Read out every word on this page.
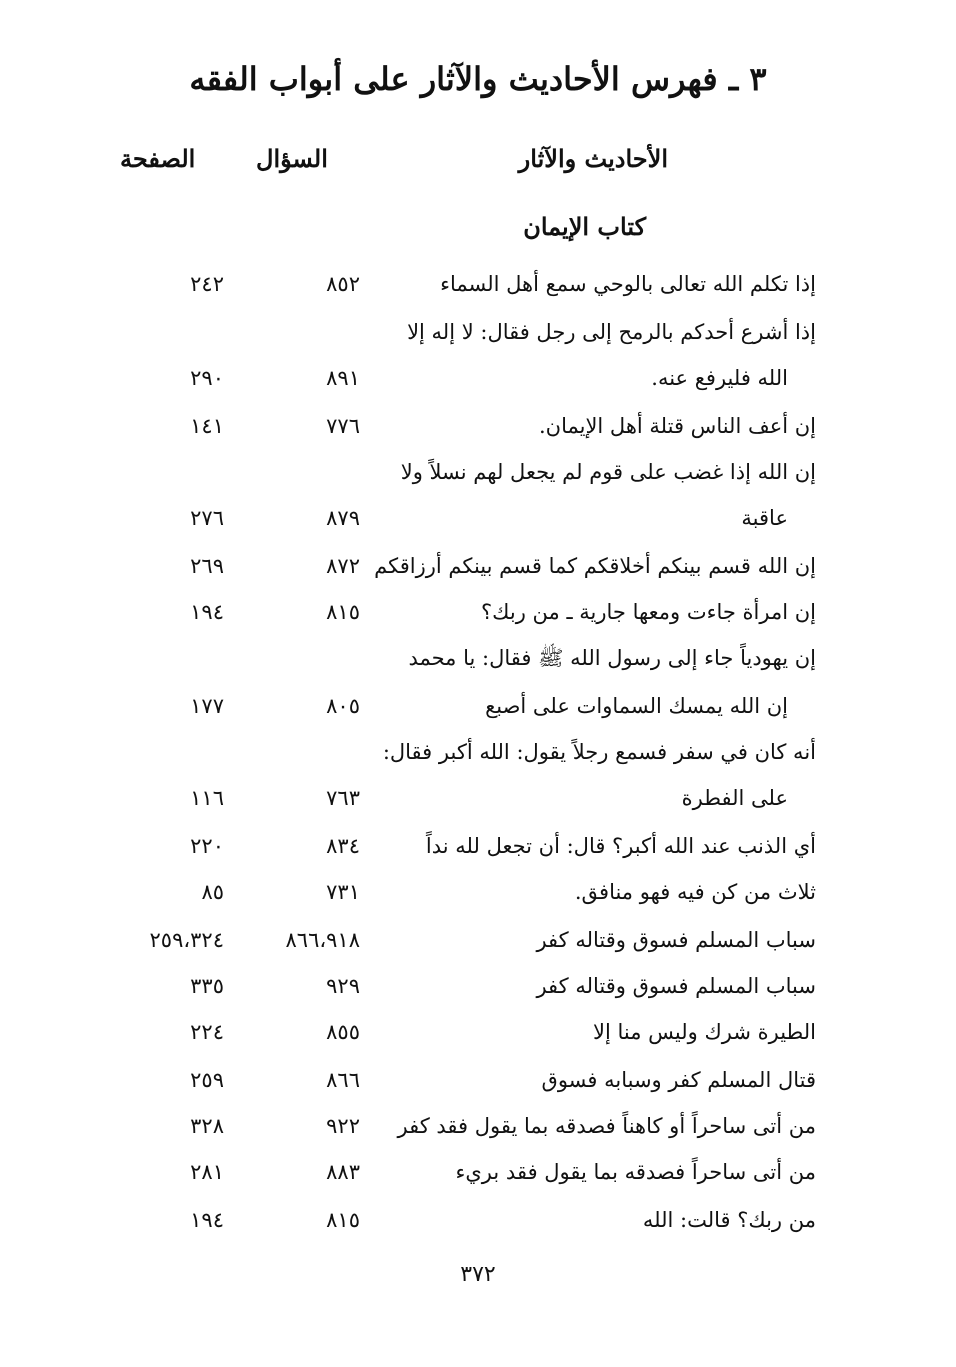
٣ ـ فهرس الأحاديث والآثار على أبواب الفقه
الأحاديث والآثار
السؤال
الصفحة
كتاب الإيمان
إذا تكلم الله تعالى بالوحي سمع أهل السماء
٨٥٢
٢٤٢
إذا أشرع أحدكم بالرمح إلى رجل فقال: لا إله إلا
الله فليرفع عنه.
٨٩١
٢٩٠
إن أعف الناس قتلة أهل الإيمان.
٧٧٦
١٤١
إن الله إذا غضب على قوم لم يجعل لهم نسلاً ولا
عاقبة
٨٧٩
٢٧٦
إن الله قسم بينكم أخلاقكم كما قسم بينكم أرزاقكم
٨٧٢
٢٦٩
إن امرأة جاءت ومعها جارية ـ من ربك؟
٨١٥
١٩٤
إن يهودياً جاء إلى رسول الله ﷺ فقال: يا محمد
إن الله يمسك السماوات على أصبع
٨٠٥
١٧٧
أنه كان في سفر فسمع رجلاً يقول: الله أكبر فقال:
على الفطرة
٧٦٣
١١٦
أي الذنب عند الله أكبر؟ قال: أن تجعل لله نداً
٨٣٤
٢٢٠
ثلاث من كن فيه فهو منافق.
٧٣١
٨٥
سباب المسلم فسوق وقتاله كفر
٨٦٦،٩١٨
٢٥٩،٣٢٤
سباب المسلم فسوق وقتاله كفر
٩٢٩
٣٣٥
الطيرة شرك وليس منا إلا
٨٥٥
٢٢٤
قتال المسلم كفر وسبابه فسوق
٨٦٦
٢٥٩
من أتى ساحراً أو كاهناً فصدقه بما يقول فقد كفر
٩٢٢
٣٢٨
من أتى ساحراً فصدقه بما يقول فقد بريء
٨٨٣
٢٨١
من ربك؟ قالت: الله
٨١٥
١٩٤
٣٧٢
